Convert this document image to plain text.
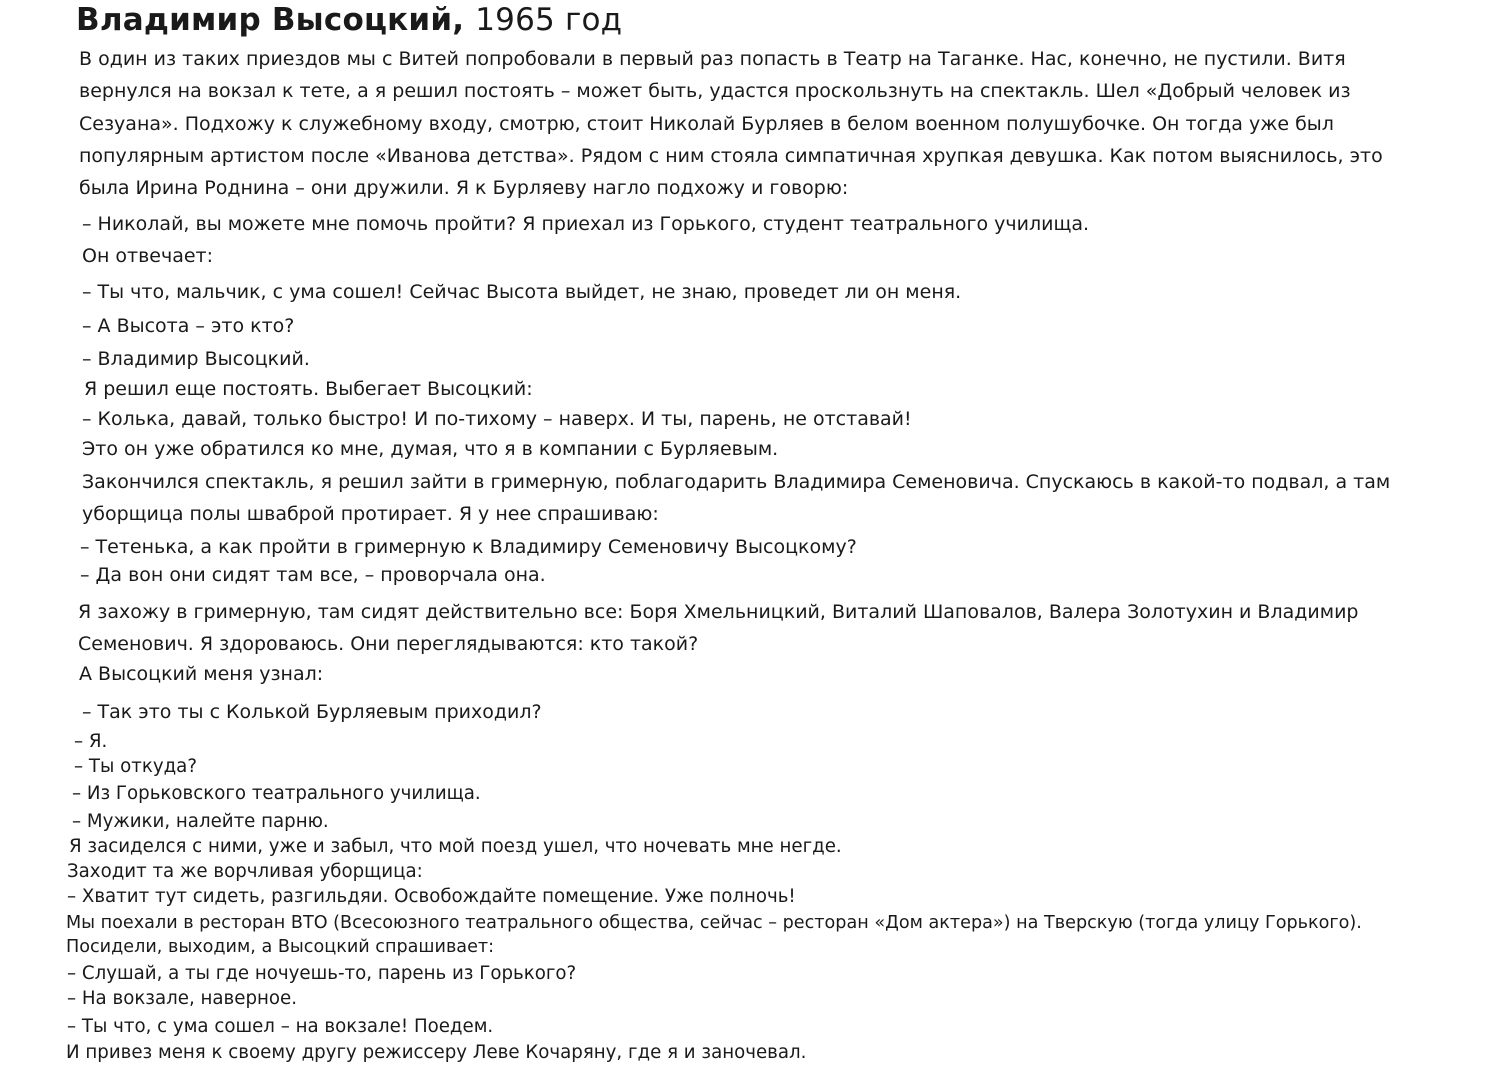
Владимир Высоцкий, 1965 год

В один из таких приездов мы с Витей попробовали в первый раз попасть в Театр на Таганке. Нас, конечно, не пустили. Витя вернулся на вокзал к тете, а я решил постоять – может быть, удастся проскользнуть на спектакль. Шел «Добрый человек из Сезуана». Подхожу к служебному входу, смотрю, стоит Николай Бурляев в белом военном полушубочке. Он тогда уже был популярным артистом после «Иванова детства». Рядом с ним стояла симпатичная хрупкая девушка. Как потом выяснилось, это была Ирина Роднина – они дружили. Я к Бурляеву нагло подхожу и говорю:

– Николай, вы можете мне помочь пройти? Я приехал из Горького, студент театрального училища.

Он отвечает:

– Ты что, мальчик, с ума сошел! Сейчас Высота выйдет, не знаю, проведет ли он меня.

– А Высота – это кто?

– Владимир Высоцкий.

Я решил еще постоять. Выбегает Высоцкий:

– Колька, давай, только быстро! И по-тихому – наверх. И ты, парень, не отставай!

Это он уже обратился ко мне, думая, что я в компании с Бурляевым.

Закончился спектакль, я решил зайти в гримерную, поблагодарить Владимира Семеновича. Спускаюсь в какой-то подвал, а там уборщица полы шваброй протирает. Я у нее спрашиваю:

– Тетенька, а как пройти в гримерную к Владимиру Семеновичу Высоцкому?

– Да вон они сидят там все, – проворчала она.

Я захожу в гримерную, там сидят действительно все: Боря Хмельницкий, Виталий Шаповалов, Валера Золотухин и Владимир Семенович. Я здороваюсь. Они переглядываются: кто такой?

А Высоцкий меня узнал:

– Так это ты с Колькой Бурляевым приходил?

– Я.

– Ты откуда?

– Из Горьковского театрального училища.

– Мужики, налейте парню.

Я засиделся с ними, уже и забыл, что мой поезд ушел, что ночевать мне негде.

Заходит та же ворчливая уборщица:

– Хватит тут сидеть, разгильдяи. Освобождайте помещение. Уже полночь!

Мы поехали в ресторан ВТО (Всесоюзного театрального общества, сейчас – ресторан «Дом актера») на Тверскую (тогда улицу Горького). Посидели, выходим, а Высоцкий спрашивает:

– Слушай, а ты где ночуешь-то, парень из Горького?

– На вокзале, наверное.

– Ты что, с ума сошел – на вокзале! Поедем.

И привез меня к своему другу режиссеру Леве Кочаряну, где я и заночевал.
